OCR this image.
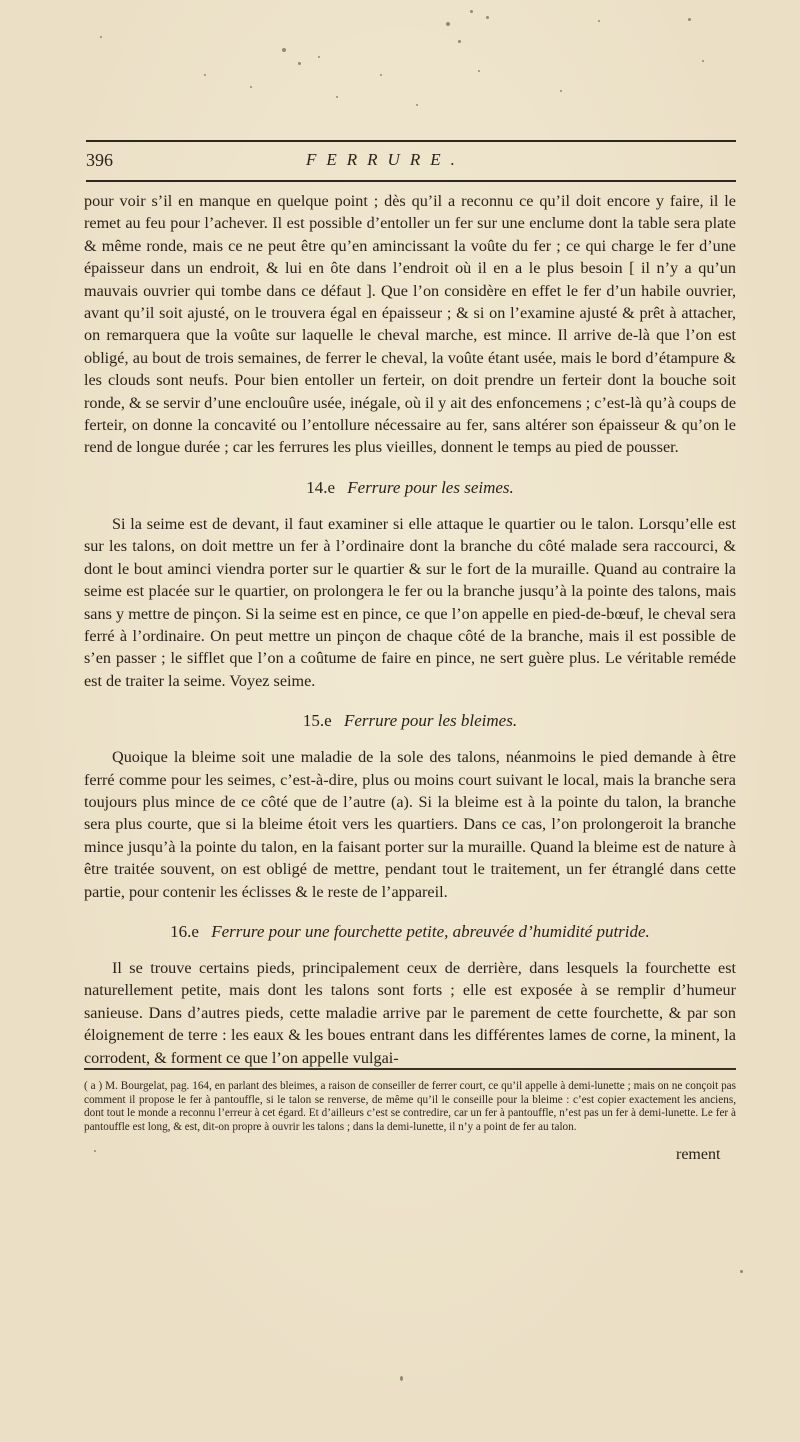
396	FERRURE.

pour voir s’il en manque en quelque point ; dès qu’il a reconnu ce qu’il doit encore y faire, il le remet au feu pour l’achever. Il est possible d’entoller un fer sur une enclume dont la table sera plate & même ronde, mais ce ne peut être qu’en amincissant la voûte du fer ; ce qui charge le fer d’une épaisseur dans un endroit, & lui en ôte dans l’endroit où il en a le plus besoin [ il n’y a qu’un mauvais ouvrier qui tombe dans ce défaut ]. Que l’on considère en effet le fer d’un habile ouvrier, avant qu’il soit ajusté, on le trouvera égal en épaisseur ; & si on l’examine ajusté & prêt à attacher, on remarquera que la voûte sur laquelle le cheval marche, est mince. Il arrive de-là que l’on est obligé, au bout de trois semaines, de ferrer le cheval, la voûte étant usée, mais le bord d’étampure & les clouds sont neufs. Pour bien entoller un ferteir, on doit prendre un ferteir dont la bouche soit ronde, & se servir d’une enclouûre usée, inégale, où il y ait des enfoncemens ; c’est-là qu’à coups de ferteir, on donne la concavité ou l’entollure nécessaire au fer, sans altérer son épaisseur & qu’on le rend de longue durée ; car les ferrures les plus vieilles, donnent le temps au pied de pousser.

14.e Ferrure pour les seimes.

Si la seime est de devant, il faut examiner si elle attaque le quartier ou le talon. Lorsqu’elle est sur les talons, on doit mettre un fer à l’ordinaire dont la branche du côté malade sera raccourci, & dont le bout aminci viendra porter sur le quartier & sur le fort de la muraille. Quand au contraire la seime est placée sur le quartier, on prolongera le fer ou la branche jusqu’à la pointe des talons, mais sans y mettre de pinçon. Si la seime est en pince, ce que l’on appelle en pied-de-bœuf, le cheval sera ferré à l’ordinaire. On peut mettre un pinçon de chaque côté de la branche, mais il est possible de s’en passer ; le sifflet que l’on a coûtume de faire en pince, ne sert guère plus. Le véritable reméde est de traiter la seime. Voyez seime.

15.e Ferrure pour les bleimes.

Quoique la bleime soit une maladie de la sole des talons, néanmoins le pied demande à être ferré comme pour les seimes, c’est-à-dire, plus ou moins court suivant le local, mais la branche sera toujours plus mince de ce côté que de l’autre (a). Si la bleime est à la pointe du talon, la branche sera plus courte, que si la bleime étoit vers les quartiers. Dans ce cas, l’on prolongeroit la branche mince jusqu’à la pointe du talon, en la faisant porter sur la muraille. Quand la bleime est de nature à être traitée souvent, on est obligé de mettre, pendant tout le traitement, un fer étranglé dans cette partie, pour contenir les éclisses & le reste de l’appareil.

16.e Ferrure pour une fourchette petite, abreuvée d’humidité putride.

Il se trouve certains pieds, principalement ceux de derrière, dans lesquels la fourchette est naturellement petite, mais dont les talons sont forts ; elle est exposée à se remplir d’humeur sanieuse. Dans d’autres pieds, cette maladie arrive par le parement de cette fourchette, & par son éloignement de terre : les eaux & les boues entrant dans les différentes lames de corne, la minent, la corrodent, & forment ce que l’on appelle vulgai-

( a ) M. Bourgelat, pag. 164, en parlant des bleimes, a raison de conseiller de ferrer court, ce qu’il appelle à demi-lunette ; mais on ne conçoit pas comment il propose le fer à pantouffle, si le talon se renverse, de même qu’il le conseille pour la bleime : c’est copier exactement les anciens, dont tout le monde a reconnu l’erreur à cet égard. Et d’ailleurs c’est se contredire, car un fer à pantouffle, n’est pas un fer à demi-lunette. Le fer à pantouffle est long, & est, dit-on propre à ouvrir les talons ; dans la demi-lunette, il n’y a point de fer au talon.
rement
